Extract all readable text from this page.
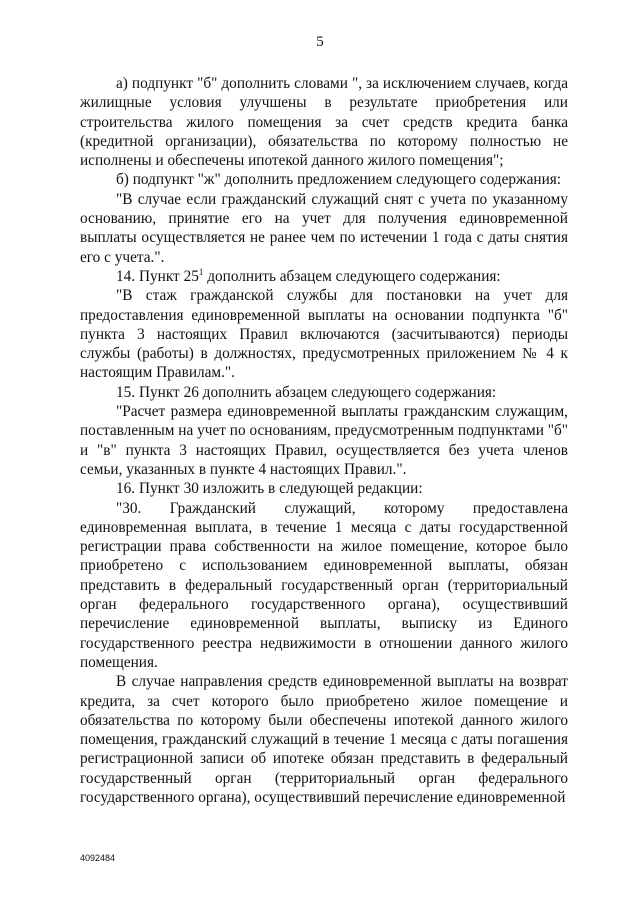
5

а) подпункт "б" дополнить словами ", за исключением случаев, когда жилищные условия улучшены в результате приобретения или строительства жилого помещения за счет средств кредита банка (кредитной организации), обязательства по которому полностью не исполнены и обеспечены ипотекой данного жилого помещения";

б) подпункт "ж" дополнить предложением следующего содержания:

"В случае если гражданский служащий снят с учета по указанному основанию, принятие его на учет для получения единовременной выплаты осуществляется не ранее чем по истечении 1 года с даты снятия его с учета.".

14. Пункт $25^1$ дополнить абзацем следующего содержания:

"В стаж гражданской службы для постановки на учет для предоставления единовременной выплаты на основании подпункта "б" пункта 3 настоящих Правил включаются (засчитываются) периоды службы (работы) в должностях, предусмотренных приложением № 4 к настоящим Правилам.".

15. Пункт 26 дополнить абзацем следующего содержания:

"Расчет размера единовременной выплаты гражданским служащим, поставленным на учет по основаниям, предусмотренным подпунктами "б" и "в" пункта 3 настоящих Правил, осуществляется без учета членов семьи, указанных в пункте 4 настоящих Правил.".

16. Пункт 30 изложить в следующей редакции:

"30. Гражданский служащий, которому предоставлена единовременная выплата, в течение 1 месяца с даты государственной регистрации права собственности на жилое помещение, которое было приобретено с использованием единовременной выплаты, обязан представить в федеральный государственный орган (территориальный орган федерального государственного органа), осуществивший перечисление единовременной выплаты, выписку из Единого государственного реестра недвижимости в отношении данного жилого помещения.

В случае направления средств единовременной выплаты на возврат кредита, за счет которого было приобретено жилое помещение и обязательства по которому были обеспечены ипотекой данного жилого помещения, гражданский служащий в течение 1 месяца с даты погашения регистрационной записи об ипотеке обязан представить в федеральный государственный орган (территориальный орган федерального государственного органа), осуществивший перечисление единовременной

4092484
